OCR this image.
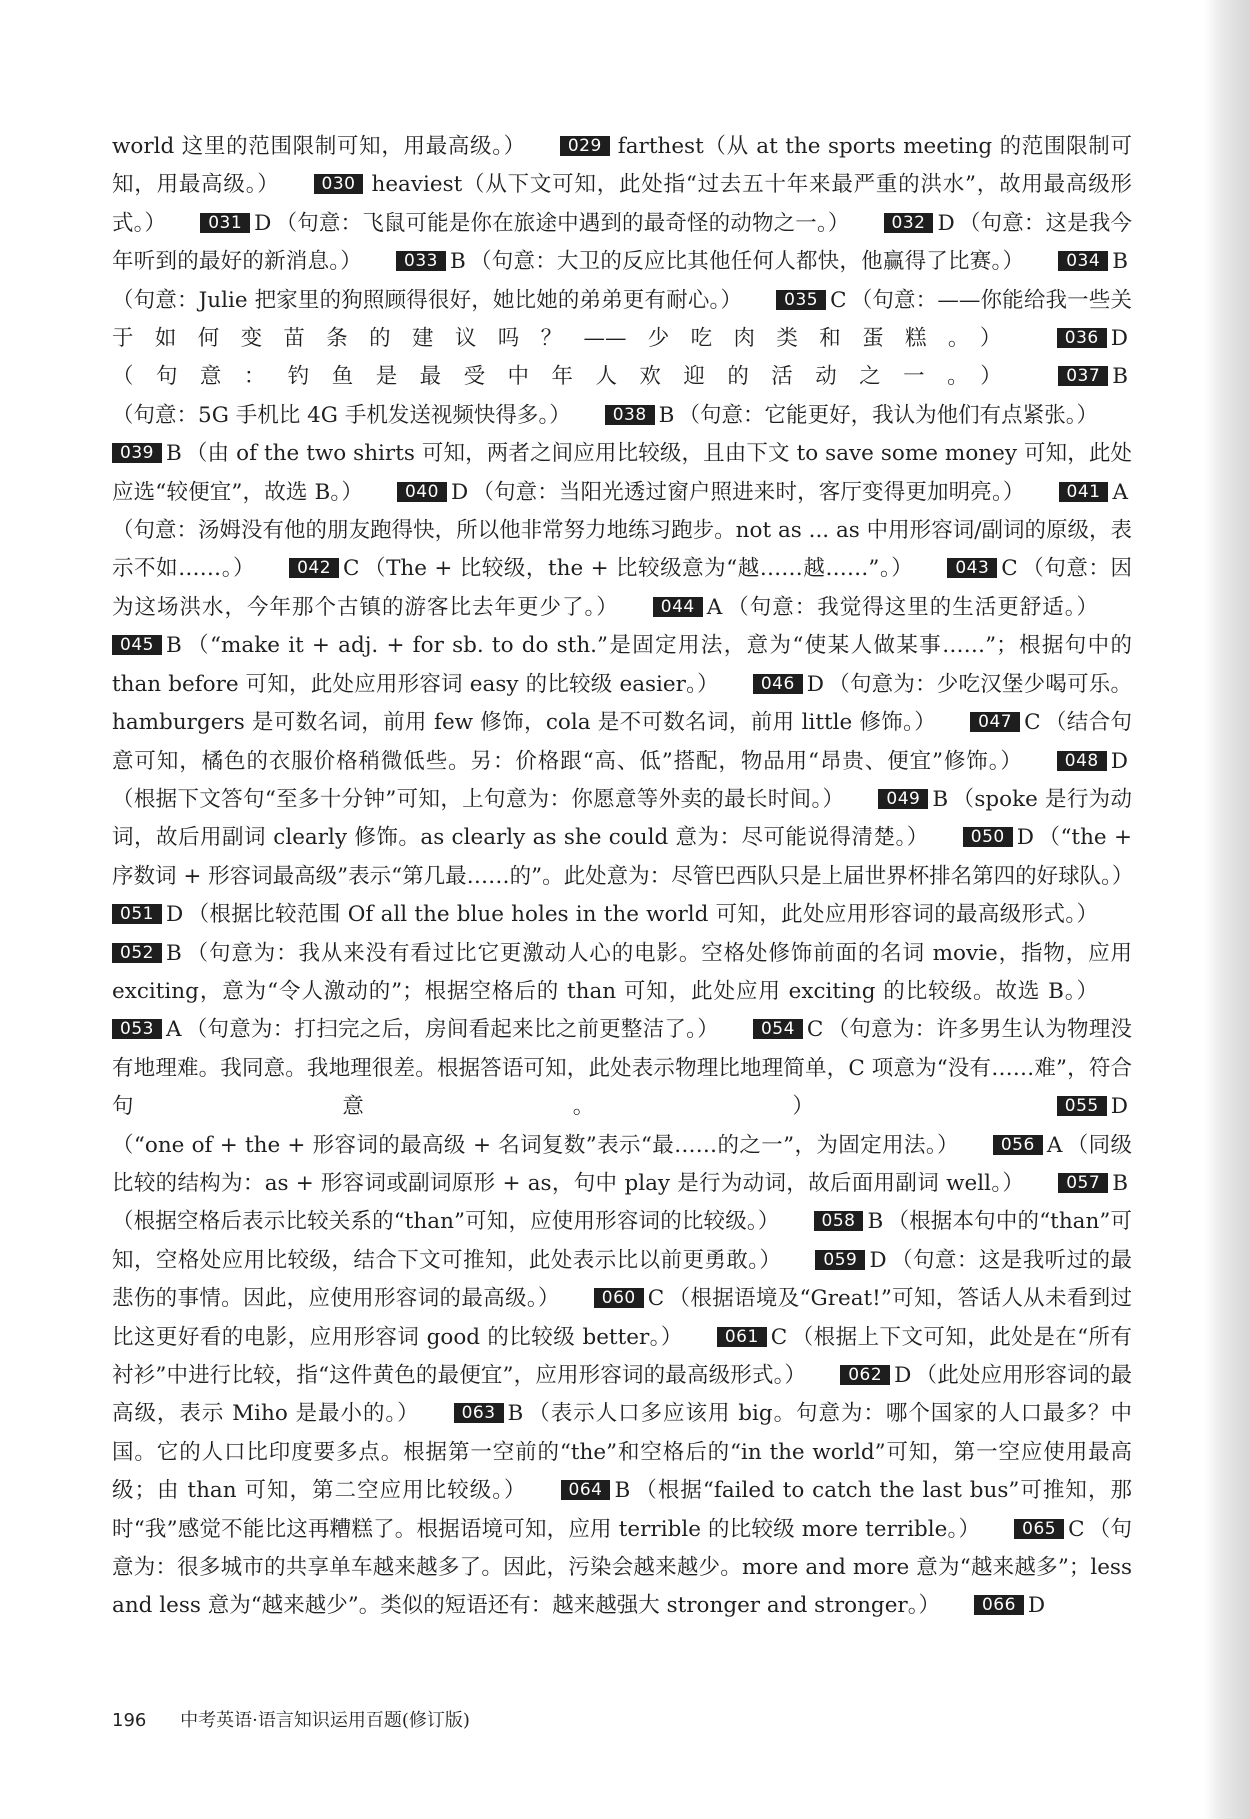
world 这里的范围限制可知，用最高级。） 029 farthest（从 at the sports meeting 的范围限制可知，用最高级。） 030 heaviest（从下文可知，此处指“过去五十年来最严重的洪水”，故用最高级形式。） 031 D （句意：飞鼠可能是你在旅途中遇到的最奇怪的动物之一。） 032 D （句意：这是我今年听到的最好的新消息。） 033 B （句意：大卫的反应比其他任何人都快，他赢得了比赛。） 034 B（句意：Julie 把家里的狗照顾得很好，她比她的弟弟更有耐心。） 035 C （句意：——你能给我一些关于如何变苗条的建议吗？——少吃肉类和蛋糕。） 036 D（句意：钓鱼是最受中年人欢迎的活动之一。） 037 B（句意：5G 手机比 4G 手机发送视频快得多。） 038 B （句意：它能更好，我认为他们有点紧张。）039 B （由 of the two shirts 可知，两者之间应用比较级，且由下文 to save some money 可知，此处应选“较便宜”，故选 B。） 040 D （句意：当阳光透过窗户照进来时，客厅变得更加明亮。） 041 A（句意：汤姆没有他的朋友跑得快，所以他非常努力地练习跑步。not as ... as 中用形容词/副词的原级，表示不如……。） 042 C （The + 比较级，the + 比较级意为“越……越……”。） 043 C （句意：因为这场洪水，今年那个古镇的游客比去年更少了。） 044 A （句意：我觉得这里的生活更舒适。）045 B （“make it + adj. + for sb. to do sth.”是固定用法，意为“使某人做某事……”；根据句中的 than before 可知，此处应用形容词 easy 的比较级 easier。） 046 D （句意为：少吃汉堡少喝可乐。hamburgers 是可数名词，前用 few 修饰，cola 是不可数名词，前用 little 修饰。） 047 C （结合句意可知，橘色的衣服价格稍微低些。另：价格跟“高、低”搭配，物品用“昂贵、便宜”修饰。） 048 D（根据下文答句“至多十分钟”可知，上句意为：你愿意等外卖的最长时间。） 049 B （spoke 是行为动词，故后用副词 clearly 修饰。as clearly as she could 意为：尽可能说得清楚。） 050 D （“the + 序数词 + 形容词最高级”表示“第几最……的”。此处意为：尽管巴西队只是上届世界杯排名第四的好球队。）051 D （根据比较范围 Of all the blue holes in the world 可知，此处应用形容词的最高级形式。）052 B （句意为：我从来没有看过比它更激动人心的电影。空格处修饰前面的名词 movie，指物，应用 exciting，意为“令人激动的”；根据空格后的 than 可知，此处应用 exciting 的比较级。故选 B。）053 A （句意为：打扫完之后，房间看起来比之前更整洁了。） 054 C （句意为：许多男生认为物理没有地理难。我同意。我地理很差。根据答语可知，此处表示物理比地理简单，C 项意为“没有……难”，符合句意。） 055 D（“one of + the + 形容词的最高级 + 名词复数”表示“最……的之一”，为固定用法。） 056 A （同级比较的结构为：as + 形容词或副词原形 + as，句中 play 是行为动词，故后面用副词 well。） 057 B（根据空格后表示比较关系的“than”可知，应使用形容词的比较级。） 058 B （根据本句中的“than”可知，空格处应用比较级，结合下文可推知，此处表示比以前更勇敢。） 059 D （句意：这是我听过的最悲伤的事情。因此，应使用形容词的最高级。） 060 C （根据语境及“Great!”可知，答话人从未看到过比这更好看的电影，应用形容词 good 的比较级 better。） 061 C （根据上下文可知，此处是在“所有衬衫”中进行比较，指“这件黄色的最便宜”，应用形容词的最高级形式。） 062 D （此处应用形容词的最高级，表示 Miho 是最小的。） 063 B （表示人口多应该用 big。句意为：哪个国家的人口最多？中国。它的人口比印度要多点。根据第一空前的“the”和空格后的“in the world”可知，第一空应使用最高级；由 than 可知，第二空应用比较级。） 064 B （根据“failed to catch the last bus”可推知，那时“我”感觉不能比这再糟糕了。根据语境可知，应用 terrible 的比较级 more terrible。） 065 C （句意为：很多城市的共享单车越来越多了。因此，污染会越来越少。more and more 意为“越来越多”；less and less 意为“越来越少”。类似的短语还有：越来越强大 stronger and stronger。） 066 D
196 中考英语·语言知识运用百题(修订版)
